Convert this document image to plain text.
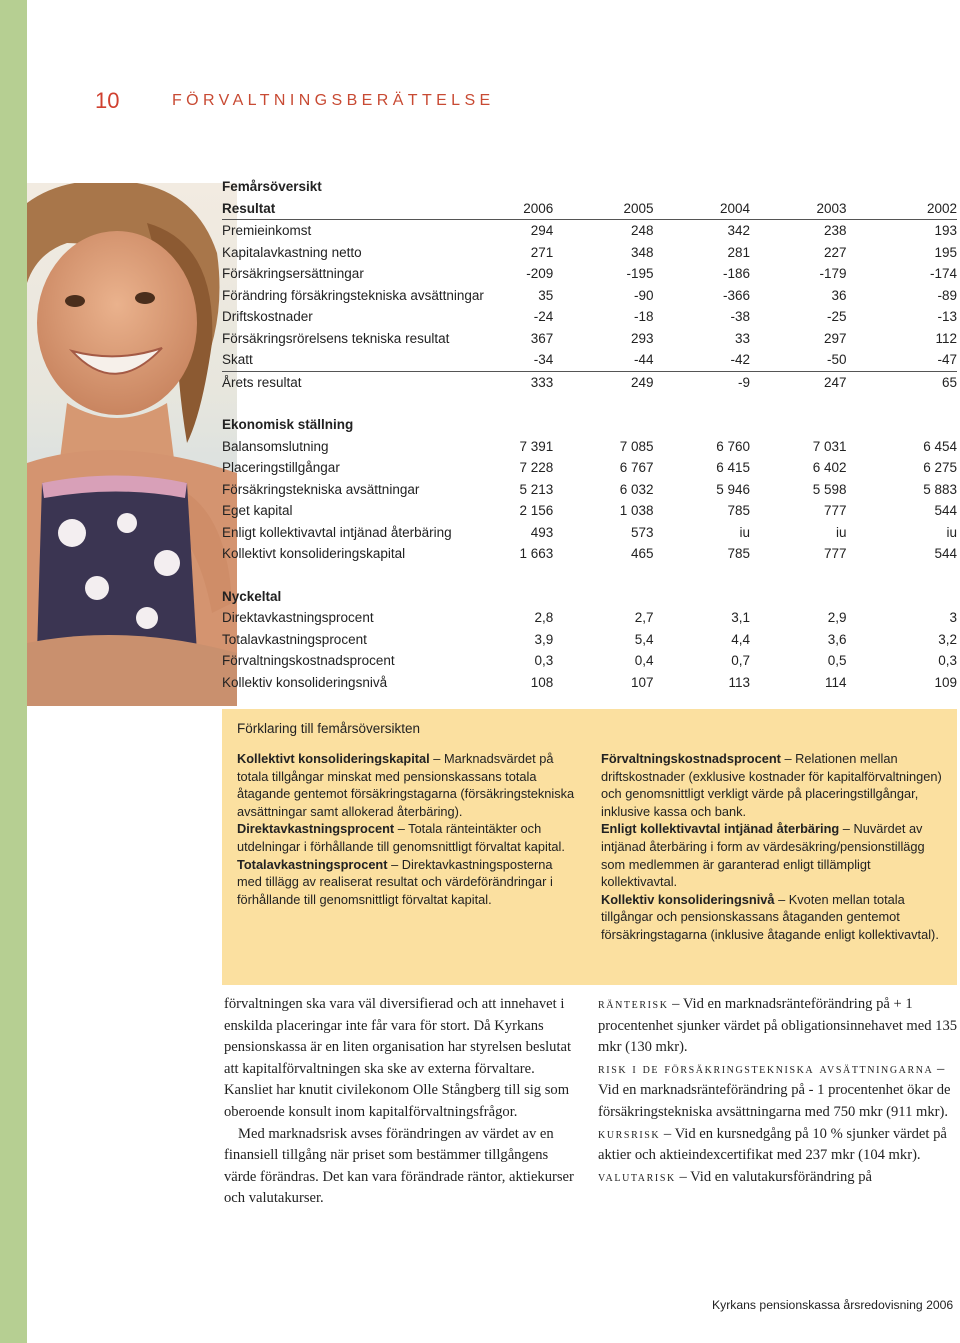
10	FÖRVALTNINGSBERÄTTELSE
Femårsöversikt					
Resultat	2006	2005	2004	2003	2002
Premieinkomst	294	248	342	238	193
Kapitalavkastning netto	271	348	281	227	195
Försäkringsersättningar	-209	-195	-186	-179	-174
Förändring försäkringstekniska avsättningar	35	-90	-366	36	-89
Driftskostnader	-24	-18	-38	-25	-13
Försäkringsrörelsens tekniska resultat	367	293	33	297	112
Skatt	-34	-44	-42	-50	-47
Årets resultat	333	249	-9	247	65

Ekonomisk ställning					
Balansomslutning	7 391	7 085	6 760	7 031	6 454
Placeringstillgångar	7 228	6 767	6 415	6 402	6 275
Försäkringstekniska avsättningar	5 213	6 032	5 946	5 598	5 883
Eget kapital	2 156	1 038	785	777	544
Enligt kollektivavtal intjänad återbäring	493	573	iu	iu	iu
Kollektivt konsolideringskapital	1 663	465	785	777	544

Nyckeltal					
Direktavkastningsprocent	2,8	2,7	3,1	2,9	3
Totalavkastningsprocent	3,9	5,4	4,4	3,6	3,2
Förvaltningskostnadsprocent	0,3	0,4	0,7	0,5	0,3
Kollektiv konsolideringsnivå	108	107	113	114	109
Förklaring till femårsöversikten

Kollektivt konsolideringskapital – Marknadsvärdet på totala tillgångar minskat med pensionskassans totala åtagande gentemot försäkringstagarna (försäkringstekniska avsättningar samt allokerad återbäring).

Direktavkastningsprocent – Totala ränteintäkter och utdelningar i förhållande till genomsnittligt förvaltat kapital.

Totalavkastningsprocent – Direktavkastningsposterna med tillägg av realiserat resultat och värdeförändringar i förhållande till genomsnittligt förvaltat kapital.

Förvaltningskostnadsprocent – Relationen mellan driftskostnader (exklusive kostnader för kapitalförvaltningen) och genomsnittligt verkligt värde på placeringstillgångar, inklusive kassa och bank.

Enligt kollektivavtal intjänad återbäring – Nuvärdet av intjänad återbäring i form av värdesäkring/pensionstillägg som medlemmen är garanterad enligt tillämpligt kollektivavtal.

Kollektiv konsolideringsnivå – Kvoten mellan totala tillgångar och pensionskassans åtaganden gentemot försäkringstagarna (inklusive åtagande enligt kollektivavtal).

förvaltningen ska vara väl diversifierad och att innehavet i enskilda placeringar inte får vara för stort. Då Kyrkans pensionskassa är en liten organisation har styrelsen beslutat att kapitalförvaltningen ska ske av externa förvaltare. Kansliet har knutit civilekonom Olle Stångberg till sig som oberoende konsult inom kapitalförvaltningsfrågor.

Med marknadsrisk avses förändringen av värdet av en finansiell tillgång när priset som bestämmer tillgångens värde förändras. Det kan vara förändrade räntor, aktiekurser och valutakurser.

ränterisk – Vid en marknadsränteförändring på + 1 procentenhet sjunker värdet på obligationsinnehavet med 135 mkr (130 mkr).

risk i de försäkringstekniska avsättningarna – Vid en marknadsränteförändring på - 1 procentenhet ökar de försäkringstekniska avsättningarna med 750 mkr (911 mkr).

kursrisk – Vid en kursnedgång på 10 % sjunker värdet på aktier och aktieindexcertifikat med 237 mkr (104 mkr).

valutarisk – Vid en valutakursförändring på

Kyrkans pensionskassa årsredovisning 2006
